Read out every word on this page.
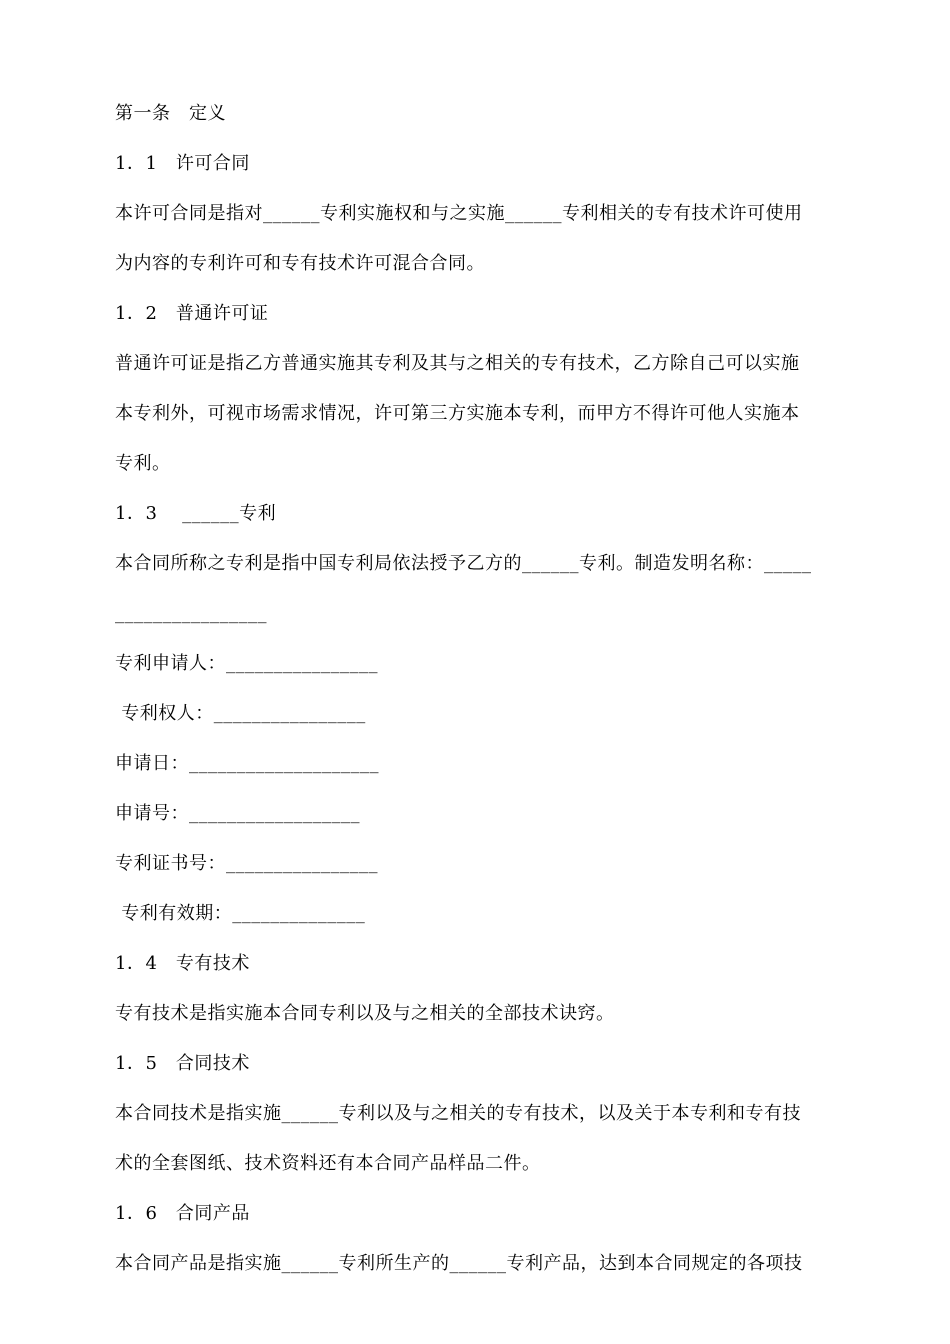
第一条　定义
1．1　许可合同
本许可合同是指对______专利实施权和与之实施______专利相关的专有技术许可使用
为内容的专利许可和专有技术许可混合合同。
1．2　普通许可证
普通许可证是指乙方普通实施其专利及其与之相关的专有技术，乙方除自己可以实施
本专利外，可视市场需求情况，许可第三方实施本专利，而甲方不得许可他人实施本
专利。
1．3　 ______专利
本合同所称之专利是指中国专利局依法授予乙方的______专利。制造发明名称：_____
________________
专利申请人：________________
专利权人：________________
申请日：____________________
申请号：__________________
专利证书号：________________
专利有效期：______________
1．4　专有技术
专有技术是指实施本合同专利以及与之相关的全部技术诀窍。
1．5　合同技术
本合同技术是指实施______专利以及与之相关的专有技术，以及关于本专利和专有技
术的全套图纸、技术资料还有本合同产品样品二件。
1．6　合同产品
本合同产品是指实施______专利所生产的______专利产品，达到本合同规定的各项技
